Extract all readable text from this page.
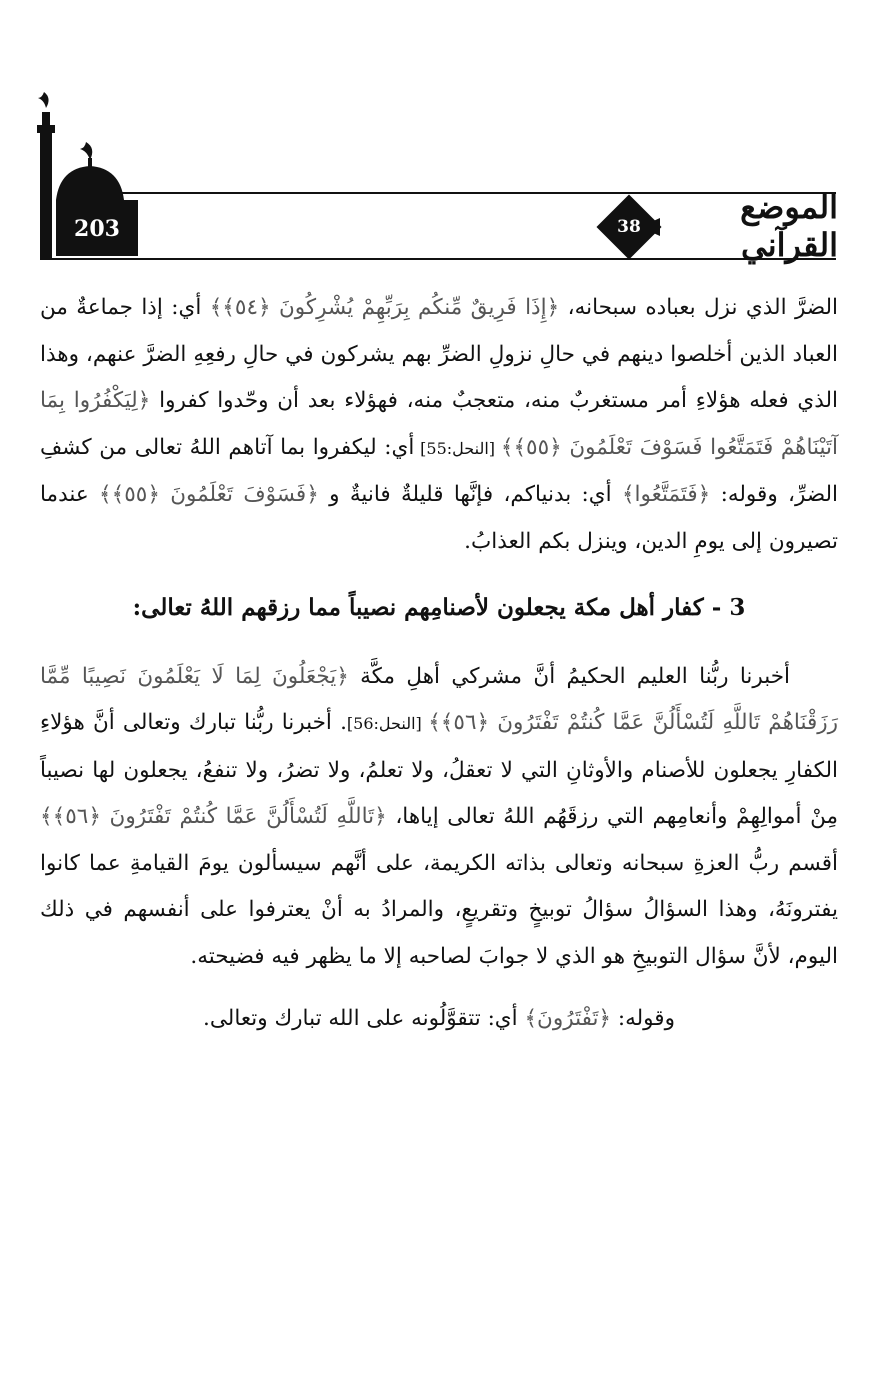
203	38
الموضع القرآني

الضرَّ الذي نزل بعباده سبحانه، ﴿إِذَا فَرِيقٌ مِّنكُم بِرَبِّهِمْ يُشْرِكُونَ ﴿٥٤﴾﴾ أي: إذا جماعةٌ من العباد الذين أخلصوا دينهم في حالِ نزولِ الضرِّ بهم يشركون في حالِ رفعِهِ الضرَّ عنهم، وهذا الذي فعله هؤلاءِ أمر مستغربٌ منه، متعجبٌ منه، فهؤلاء بعد أن وحّدوا كفروا ﴿لِيَكْفُرُوا بِمَا آتَيْنَاهُمْ فَتَمَتَّعُوا فَسَوْفَ تَعْلَمُونَ ﴿٥٥﴾﴾ [النحل:55] أي: ليكفروا بما آتاهم اللهُ تعالى من كشفِ الضرِّ، وقوله: ﴿فَتَمَتَّعُوا﴾ أي: بدنياكم، فإنَّها قليلةٌ فانيةٌ و ﴿فَسَوْفَ تَعْلَمُونَ ﴿٥٥﴾﴾ عندما تصيرون إلى يومِ الدين، وينزل بكم العذابُ.

3 - كفار أهل مكة يجعلون لأصنامِهم نصيباً مما رزقهم اللهُ تعالى:

أخبرنا ربُّنا العليم الحكيمُ أنَّ مشركي أهلِ مكَّة ﴿يَجْعَلُونَ لِمَا لَا يَعْلَمُونَ نَصِيبًا مِّمَّا رَزَقْنَاهُمْ تَاللَّهِ لَتُسْأَلُنَّ عَمَّا كُنتُمْ تَفْتَرُونَ ﴿٥٦﴾﴾ [النحل:56]. أخبرنا ربُّنا تبارك وتعالى أنَّ هؤلاءِ الكفارِ يجعلون للأصنام والأوثانِ التي لا تعقلُ، ولا تعلمُ، ولا تضرُ، ولا تنفعُ، يجعلون لها نصيباً مِنْ أموالِهِمْ وأنعامِهم التي رزقَهُم اللهُ تعالى إياها، ﴿تَاللَّهِ لَتُسْأَلُنَّ عَمَّا كُنتُمْ تَفْتَرُونَ ﴿٥٦﴾﴾ أقسم ربُّ العزةِ سبحانه وتعالى بذاته الكريمة، على أنَّهم سيسألون يومَ القيامةِ عما كانوا يفترونَهُ، وهذا السؤالُ سؤالُ توبيخٍ وتقريعٍ، والمرادُ به أنْ يعترفوا على أنفسهم في ذلك اليوم، لأنَّ سؤال التوبيخِ هو الذي لا جوابَ لصاحبه إلا ما يظهر فيه فضيحته.

وقوله: ﴿تَفْتَرُونَ﴾ أي: تتقوَّلُونه على الله تبارك وتعالى.
